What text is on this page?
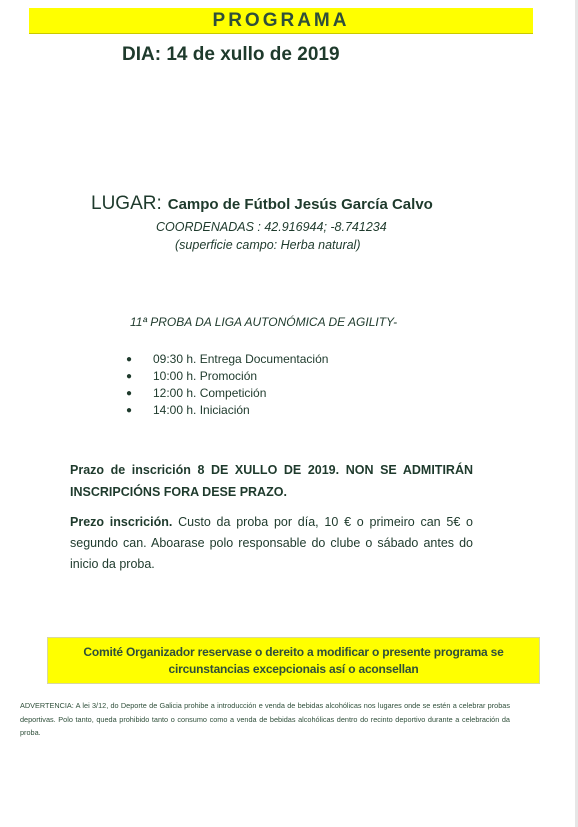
PROGRAMA
DIA: 14 de xullo de 2019
LUGAR: Campo de Fútbol Jesús García Calvo
COORDENADAS : 42.916944; -8.741234
(superficie campo: Herba natural)
11ª PROBA DA LIGA AUTONÓMICA DE AGILITY-
● 09:30 h. Entrega Documentación
● 10:00 h. Promoción
● 12:00 h. Competición
● 14:00 h. Iniciación
Prazo de inscrición 8 DE XULLO DE 2019. NON SE ADMITIRÁN INSCRIPCIÓNS FORA DESE PRAZO.
Prezo inscrición. Custo da proba por día, 10 € o primeiro can 5€ o segundo can. Aboarase polo responsable do clube o sábado antes do inicio da proba.
Comité Organizador reservase o dereito a modificar o presente programa se circunstancias excepcionais así o aconsellan
ADVERTENCIA: A lei 3/12, do Deporte de Galicia prohibe a introducción e venda de bebidas alcohólicas nos lugares onde se estén a celebrar probas deportivas. Polo tanto, queda prohibido tanto o consumo como a venda de bebidas alcohólicas dentro do recinto deportivo durante a celebración da proba.
